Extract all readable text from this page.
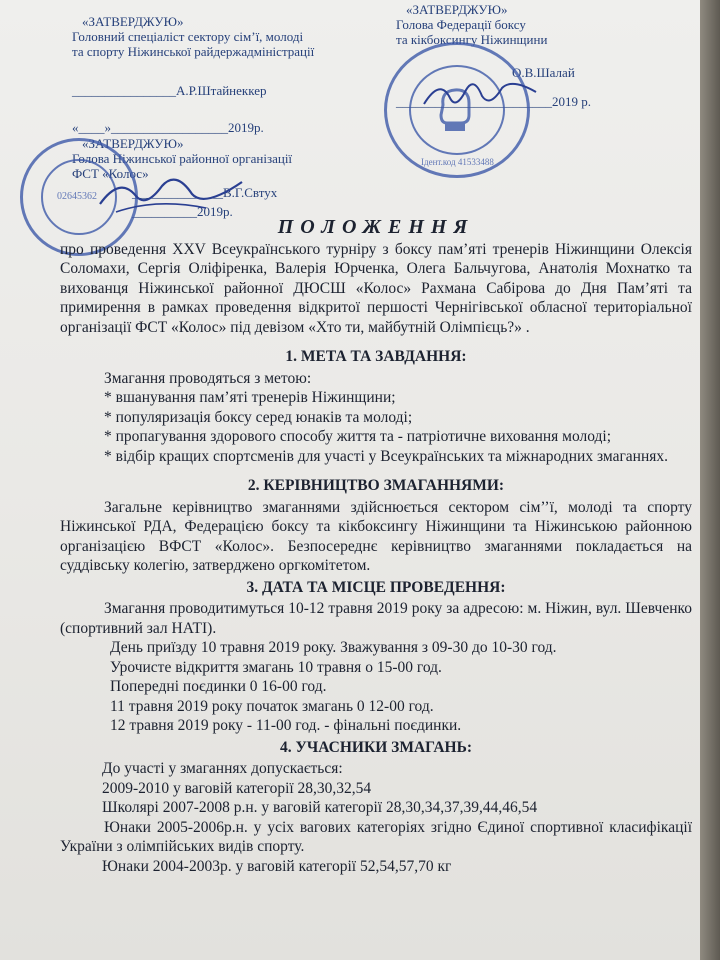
«ЗАТВЕРДЖУЮ»
Головний спеціаліст сектору сім’ї, молоді
та спорту Ніжинської райдержадміністрації
________________А.Р.Штайнеккер
«____»__________________2019р.
«ЗАТВЕРДЖУЮ»
Голова Федерації боксу
та кікбоксингу Ніжинщини
О.В.Шалай
________________________2019 р.
«ЗАТВЕРДЖУЮ»
Голова Ніжинської районної організації
ФСТ «Колос»
______________В.Г.Свтух
__________2019р.
Ідент.код 41533488
02645362
ПОЛОЖЕННЯ

про проведення XXV Всеукраїнського турніру з боксу пам’яті тренерів Ніжинщини Олексія Соломахи, Сергія Оліфіренка, Валерія Юрченка, Олега Бальчугова, Анатолія Мохнатко та вихованця Ніжинської районної ДЮСШ «Колос» Рахмана Сабірова до Дня Пам’яті та примирення в рамках проведення відкритої першості Чернігівської обласної територіальної організації ФСТ «Колос» під девізом «Хто ти, майбутній Олімпієць?» .

1. МЕТА ТА ЗАВДАННЯ:

Змагання проводяться з метою:

* вшанування пам’яті тренерів Ніжинщини;

* популяризація боксу серед юнаків та молоді;

* пропагування здорового способу життя та - патріотичне виховання молоді;

* відбір кращих спортсменів для участі у Всеукраїнських та міжнародних змаганнях.

2. КЕРІВНИЦТВО ЗМАГАННЯМИ:

Загальне керівництво змаганнями здійснюється сектором сім’’ї, молоді та спорту Ніжинської РДА, Федерацією боксу та кікбоксингу Ніжинщини та Ніжинською районною організацією ВФСТ «Колос». Безпосереднє керівництво змаганнями покладається на суддівську колегію, затверджено оргкомітетом.

3. ДАТА ТА МІСЦЕ ПРОВЕДЕННЯ:

Змагання проводитимуться 10-12 травня 2019 року за адресою: м. Ніжин, вул. Шевченко (спортивний зал НАТІ).

День приїзду 10 травня 2019 року. Зважування з 09-30 до 10-30 год.

Урочисте відкриття змагань 10 травня о 15-00 год.

Попередні поєдинки 0 16-00 год.

11 травня 2019 року початок змагань 0 12-00 год.

12 травня 2019 року - 11-00 год. - фінальні поєдинки.

4. УЧАСНИКИ ЗМАГАНЬ:

До участі у змаганнях допускається:

2009-2010 у ваговій категорії 28,30,32,54

Школярі 2007-2008 р.н. у ваговій категорії 28,30,34,37,39,44,46,54

Юнаки 2005-2006р.н. у усіх вагових категоріях згідно Єдиної спортивної класифікації України з олімпійських видів спорту.

Юнаки 2004-2003р. у ваговій категорії 52,54,57,70 кг
